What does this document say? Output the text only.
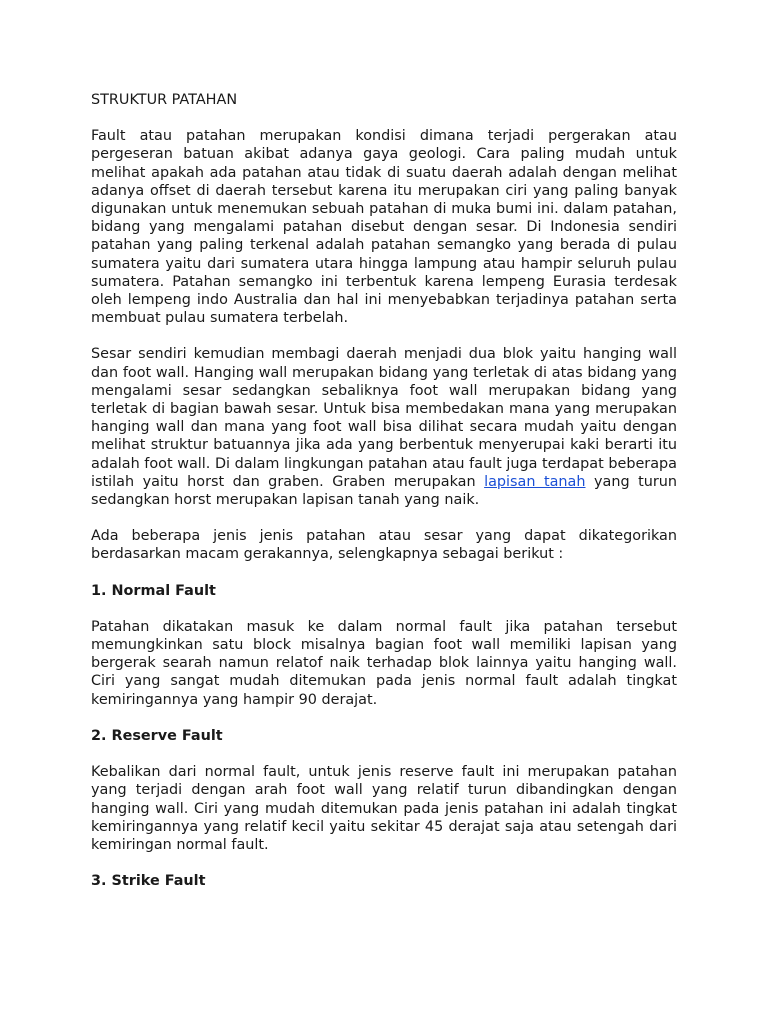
STRUKTUR PATAHAN

Fault atau patahan merupakan kondisi dimana terjadi pergerakan atau pergeseran batuan akibat adanya gaya geologi. Cara paling mudah untuk melihat apakah ada patahan atau tidak di suatu daerah adalah dengan melihat adanya offset di daerah tersebut karena itu merupakan ciri yang paling banyak digunakan untuk menemukan sebuah patahan di muka bumi ini. dalam patahan, bidang yang mengalami patahan disebut dengan sesar. Di Indonesia sendiri patahan yang paling terkenal adalah patahan semangko yang berada di pulau sumatera yaitu dari sumatera utara hingga lampung atau hampir seluruh pulau sumatera. Patahan semangko ini terbentuk karena lempeng Eurasia terdesak oleh lempeng indo Australia dan hal ini menyebabkan terjadinya patahan serta membuat pulau sumatera terbelah.

Sesar sendiri kemudian membagi daerah menjadi dua blok yaitu hanging wall dan foot wall. Hanging wall merupakan bidang yang terletak di atas bidang yang mengalami sesar sedangkan sebaliknya foot wall merupakan bidang yang terletak di bagian bawah sesar. Untuk bisa membedakan mana yang merupakan hanging wall dan mana yang foot wall bisa dilihat secara mudah yaitu dengan melihat struktur batuannya jika ada yang berbentuk menyerupai kaki berarti itu adalah foot wall. Di dalam lingkungan patahan atau fault juga terdapat beberapa istilah yaitu horst dan graben. Graben merupakan lapisan tanah yang turun sedangkan horst merupakan lapisan tanah yang naik.

Ada beberapa jenis jenis patahan atau sesar yang dapat dikategorikan berdasarkan macam gerakannya, selengkapnya sebagai berikut :

1. Normal Fault

Patahan dikatakan masuk ke dalam normal fault jika patahan tersebut memungkinkan satu block misalnya bagian foot wall memiliki lapisan yang bergerak searah namun relatof naik terhadap blok lainnya yaitu hanging wall. Ciri yang sangat mudah ditemukan pada jenis normal fault adalah tingkat kemiringannya yang hampir 90 derajat.

2. Reserve Fault

Kebalikan dari normal fault, untuk jenis reserve fault ini merupakan patahan yang terjadi dengan arah foot wall yang relatif turun dibandingkan dengan hanging wall. Ciri yang mudah ditemukan pada jenis patahan ini adalah tingkat kemiringannya yang relatif kecil yaitu sekitar 45 derajat saja atau setengah dari kemiringan normal fault.

3. Strike Fault
